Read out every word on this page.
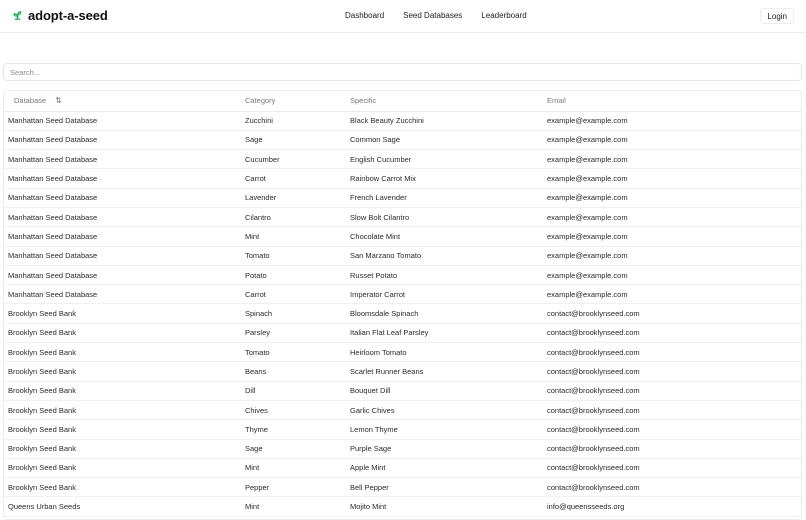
adopt-a-seed	Dashboard Seed Databases Leaderboard	Login
Search...
Database ⇅	Category	Specific	Email
Manhattan Seed Database	Zucchini	Black Beauty Zucchini	example@example.com
Manhattan Seed Database	Sage	Common Sage	example@example.com
Manhattan Seed Database	Cucumber	English Cucumber	example@example.com
Manhattan Seed Database	Carrot	Rainbow Carrot Mix	example@example.com
Manhattan Seed Database	Lavender	French Lavender	example@example.com
Manhattan Seed Database	Cilantro	Slow Bolt Cilantro	example@example.com
Manhattan Seed Database	Mint	Chocolate Mint	example@example.com
Manhattan Seed Database	Tomato	San Marzano Tomato	example@example.com
Manhattan Seed Database	Potato	Russet Potato	example@example.com
Manhattan Seed Database	Carrot	Imperator Carrot	example@example.com
Brooklyn Seed Bank	Spinach	Bloomsdale Spinach	contact@brooklynseed.com
Brooklyn Seed Bank	Parsley	Italian Flat Leaf Parsley	contact@brooklynseed.com
Brooklyn Seed Bank	Tomato	Heirloom Tomato	contact@brooklynseed.com
Brooklyn Seed Bank	Beans	Scarlet Runner Beans	contact@brooklynseed.com
Brooklyn Seed Bank	Dill	Bouquet Dill	contact@brooklynseed.com
Brooklyn Seed Bank	Chives	Garlic Chives	contact@brooklynseed.com
Brooklyn Seed Bank	Thyme	Lemon Thyme	contact@brooklynseed.com
Brooklyn Seed Bank	Sage	Purple Sage	contact@brooklynseed.com
Brooklyn Seed Bank	Mint	Apple Mint	contact@brooklynseed.com
Brooklyn Seed Bank	Pepper	Bell Pepper	contact@brooklynseed.com
Queens Urban Seeds	Mint	Mojito Mint	info@queensseeds.org
